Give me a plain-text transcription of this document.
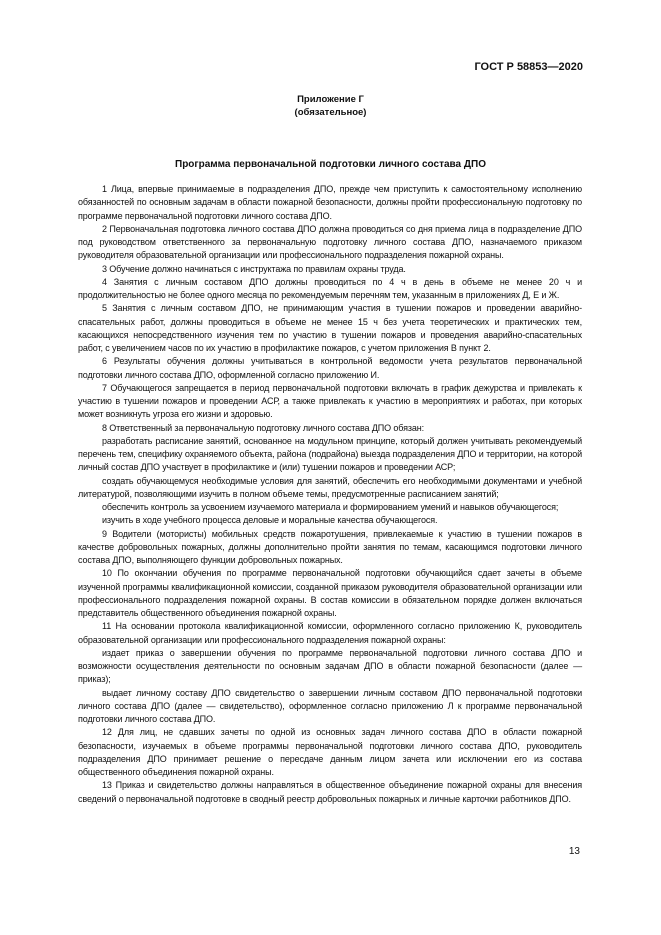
ГОСТ Р 58853—2020
Приложение Г
(обязательное)
Программа первоначальной подготовки личного состава ДПО

1 Лица, впервые принимаемые в подразделения ДПО, прежде чем приступить к самостоятельному исполнению обязанностей по основным задачам в области пожарной безопасности, должны пройти профессиональную подготовку по программе первоначальной подготовки личного состава ДПО.

2 Первоначальная подготовка личного состава ДПО должна проводиться со дня приема лица в подразделение ДПО под руководством ответственного за первоначальную подготовку личного состава ДПО, назначаемого приказом руководителя образовательной организации или профессионального подразделения пожарной охраны.

3 Обучение должно начинаться с инструктажа по правилам охраны труда.

4 Занятия с личным составом ДПО должны проводиться по 4 ч в день в объеме не менее 20 ч и продолжительностью не более одного месяца по рекомендуемым перечням тем, указанным в приложениях Д, Е и Ж.

5 Занятия с личным составом ДПО, не принимающим участия в тушении пожаров и проведении аварийно-спасательных работ, должны проводиться в объеме не менее 15 ч без учета теоретических и практических тем, касающихся непосредственного изучения тем по участию в тушении пожаров и проведения аварийно-спасательных работ, с увеличением часов по их участию в профилактике пожаров, с учетом приложения В пункт 2.

6 Результаты обучения должны учитываться в контрольной ведомости учета результатов первоначальной подготовки личного состава ДПО, оформленной согласно приложению И.

7 Обучающегося запрещается в период первоначальной подготовки включать в график дежурства и привлекать к участию в тушении пожаров и проведении АСР, а также привлекать к участию в мероприятиях и работах, при которых может возникнуть угроза его жизни и здоровью.

8 Ответственный за первоначальную подготовку личного состава ДПО обязан:

разработать расписание занятий, основанное на модульном принципе, который должен учитывать рекомендуемый перечень тем, специфику охраняемого объекта, района (подрайона) выезда подразделения ДПО и территории, на которой личный состав ДПО участвует в профилактике и (или) тушении пожаров и проведении АСР;

создать обучающемуся необходимые условия для занятий, обеспечить его необходимыми документами и учебной литературой, позволяющими изучить в полном объеме темы, предусмотренные расписанием занятий;

обеспечить контроль за усвоением изучаемого материала и формированием умений и навыков обучающегося;

изучить в ходе учебного процесса деловые и моральные качества обучающегося.

9 Водители (мотористы) мобильных средств пожаротушения, привлекаемые к участию в тушении пожаров в качестве добровольных пожарных, должны дополнительно пройти занятия по темам, касающимся подготовки личного состава ДПО, выполняющего функции добровольных пожарных.

10 По окончании обучения по программе первоначальной подготовки обучающийся сдает зачеты в объеме изученной программы квалификационной комиссии, созданной приказом руководителя образовательной организации или профессионального подразделения пожарной охраны. В состав комиссии в обязательном порядке должен включаться представитель общественного объединения пожарной охраны.

11 На основании протокола квалификационной комиссии, оформленного согласно приложению К, руководитель образовательной организации или профессионального подразделения пожарной охраны:

издает приказ о завершении обучения по программе первоначальной подготовки личного состава ДПО и возможности осуществления деятельности по основным задачам ДПО в области пожарной безопасности (далее — приказ);

выдает личному составу ДПО свидетельство о завершении личным составом ДПО первоначальной подготовки личного состава ДПО (далее — свидетельство), оформленное согласно приложению Л к программе первоначальной подготовки личного состава ДПО.

12 Для лиц, не сдавших зачеты по одной из основных задач личного состава ДПО в области пожарной безопасности, изучаемых в объеме программы первоначальной подготовки личного состава ДПО, руководитель подразделения ДПО принимает решение о пересдаче данным лицом зачета или исключении его из состава общественного объединения пожарной охраны.

13 Приказ и свидетельство должны направляться в общественное объединение пожарной охраны для внесения сведений о первоначальной подготовке в сводный реестр добровольных пожарных и личные карточки работников ДПО.

13
